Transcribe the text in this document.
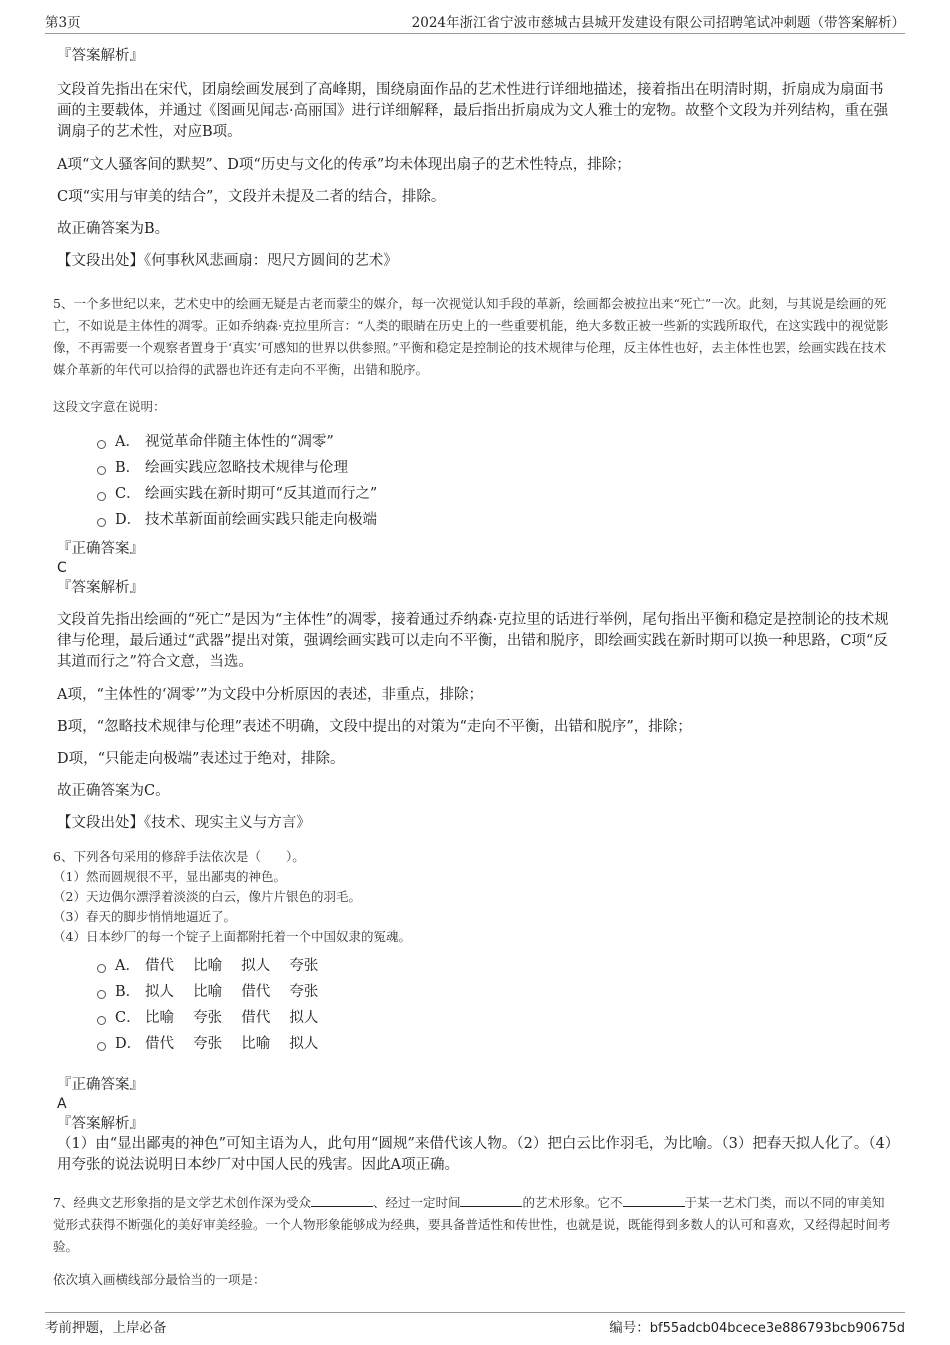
第3页	2024年浙江省宁波市慈城古县城开发建设有限公司招聘笔试冲刺题（带答案解析）

『答案解析』

文段首先指出在宋代，团扇绘画发展到了高峰期，围绕扇面作品的艺术性进行详细地描述，接着指出在明清时期，折扇成为扇面书画的主要载体，并通过《图画见闻志·高丽国》进行详细解释，最后指出折扇成为文人雅士的宠物。故整个文段为并列结构，重在强调扇子的艺术性，对应B项。

A项“文人骚客间的默契”、D项“历史与文化的传承”均未体现出扇子的艺术性特点，排除；

C项“实用与审美的结合”，文段并未提及二者的结合，排除。

故正确答案为B。

【文段出处】《何事秋风悲画扇：咫尺方圆间的艺术》

5、一个多世纪以来，艺术史中的绘画无疑是古老而蒙尘的媒介，每一次视觉认知手段的革新，绘画都会被拉出来“死亡”一次。此刻，与其说是绘画的死亡，不如说是主体性的凋零。正如乔纳森·克拉里所言：“人类的眼睛在历史上的一些重要机能，绝大多数正被一些新的实践所取代，在这实践中的视觉影像，不再需要一个观察者置身于‘真实’可感知的世界以供参照。”平衡和稳定是控制论的技术规律与伦理，反主体性也好，去主体性也罢，绘画实践在技术媒介革新的年代可以拾得的武器也许还有走向不平衡，出错和脱序。

这段文字意在说明：

A． 视觉革命伴随主体性的“凋零”
B． 绘画实践应忽略技术规律与伦理
C． 绘画实践在新时期可“反其道而行之”
D． 技术革新面前绘画实践只能走向极端

『正确答案』

C

『答案解析』

文段首先指出绘画的“死亡”是因为“主体性”的凋零，接着通过乔纳森·克拉里的话进行举例，尾句指出平衡和稳定是控制论的技术规律与伦理，最后通过“武器”提出对策，强调绘画实践可以走向不平衡，出错和脱序，即绘画实践在新时期可以换一种思路，C项“反其道而行之”符合文意，当选。

A项，“主体性的‘凋零’”为文段中分析原因的表述，非重点，排除；

B项，“忽略技术规律与伦理”表述不明确，文段中提出的对策为“走向不平衡，出错和脱序”，排除；

D项，“只能走向极端”表述过于绝对，排除。

故正确答案为C。

【文段出处】《技术、现实主义与方言》

6、下列各句采用的修辞手法依次是（　　）。

（1）然而圆规很不平，显出鄙夷的神色。

（2）天边偶尔漂浮着淡淡的白云，像片片银色的羽毛。

（3）春天的脚步悄悄地逼近了。

（4）日本纱厂的每一个锭子上面都附托着一个中国奴隶的冤魂。

A． 借代　 比喻　 拟人　 夸张
B． 拟人　 比喻　 借代　 夸张
C． 比喻　 夸张　 借代　 拟人
D． 借代　 夸张　 比喻　 拟人

『正确答案』

A

『答案解析』

（1）由“显出鄙夷的神色”可知主语为人，此句用“圆规”来借代该人物。（2）把白云比作羽毛，为比喻。（3）把春天拟人化了。（4）用夸张的说法说明日本纱厂对中国人民的残害。因此A项正确。

7、经典文艺形象指的是文学艺术创作深为受众	、经过一定时间	的艺术形象。它不	于某一艺术门类，而以不同的审美知觉形式获得不断强化的美好审美经验。一个人物形象能够成为经典，要具备普适性和传世性，也就是说，既能得到多数人的认可和喜欢，又经得起时间考验。

依次填入画横线部分最恰当的一项是：

考前押题，上岸必备	编号：bf55adcb04bcece3e886793bcb90675d
